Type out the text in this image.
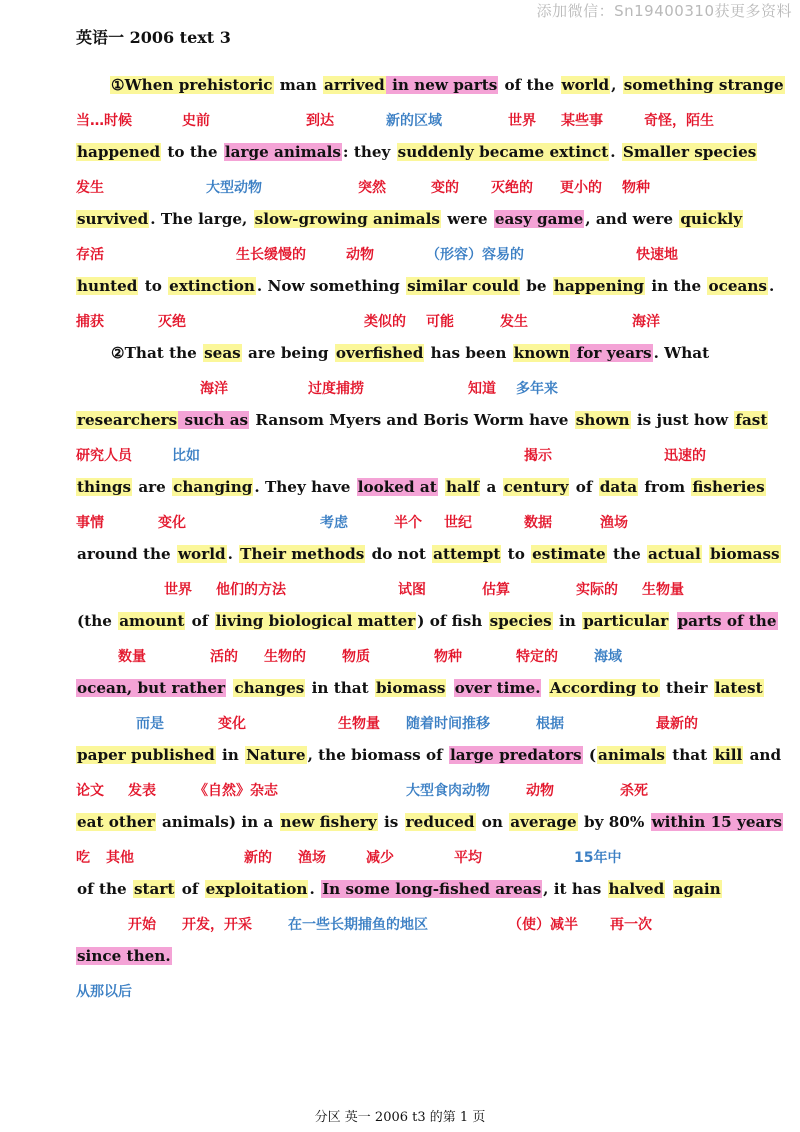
添加微信：Sn19400310获更多资料
英语一 2006 text 3
①When prehistoric man arrived in new parts of the world , something strange
当…时候	史前	到达	新的区域	世界 某些事	奇怪，陌生
happened to the large animals : they suddenly became extinct . Smaller species
发生	大型动物	突然	变的 灭绝的 更小的 物种
survived . The large, slow-growing animals were easy game , and were quickly
存活	生长缓慢的	动物	（形容）容易的	快速地
hunted to extinction . Now something similar could be happening in the oceans .
捕获	灭绝	类似的 可能	发生	海洋
②That the seas are being overfished has been known for years . What
海洋	过度捕捞	知道 多年来
researchers such as Ransom Myers and Boris Worm have shown is just how fast
研究人员	比如	揭示	迅速的
things are changing . They have looked at half a century of data from fisheries
事情	变化	考虑	半个 世纪	数据	渔场
around the world . Their methods do not attempt to estimate the actual biomass
世界 他们的方法	试图	估算	实际的 生物量
(the amount of living biological matter ) of fish species in particular parts of the
数量	活的 生物的	物质	物种	特定的	海域
ocean, but rather changes in that biomass over time. According to their latest
而是	变化	生物量 随着时间推移	根据	最新的
paper published in Nature , the biomass of large predators ( animals that kill and
论文 发表	《自然》杂志	大型食肉动物	动物	杀死
eat other animals) in a new fishery is reduced on average by 80% within 15 years
吃 其他	新的 渔场	减少	平均	15年中
of the start of exploitation . In some long-fished areas , it has halved again
开始 开发，开采	在一些长期捕鱼的地区	（使）减半 再一次
since then.
从那以后
分区 英一 2006 t3 的第 1 页
